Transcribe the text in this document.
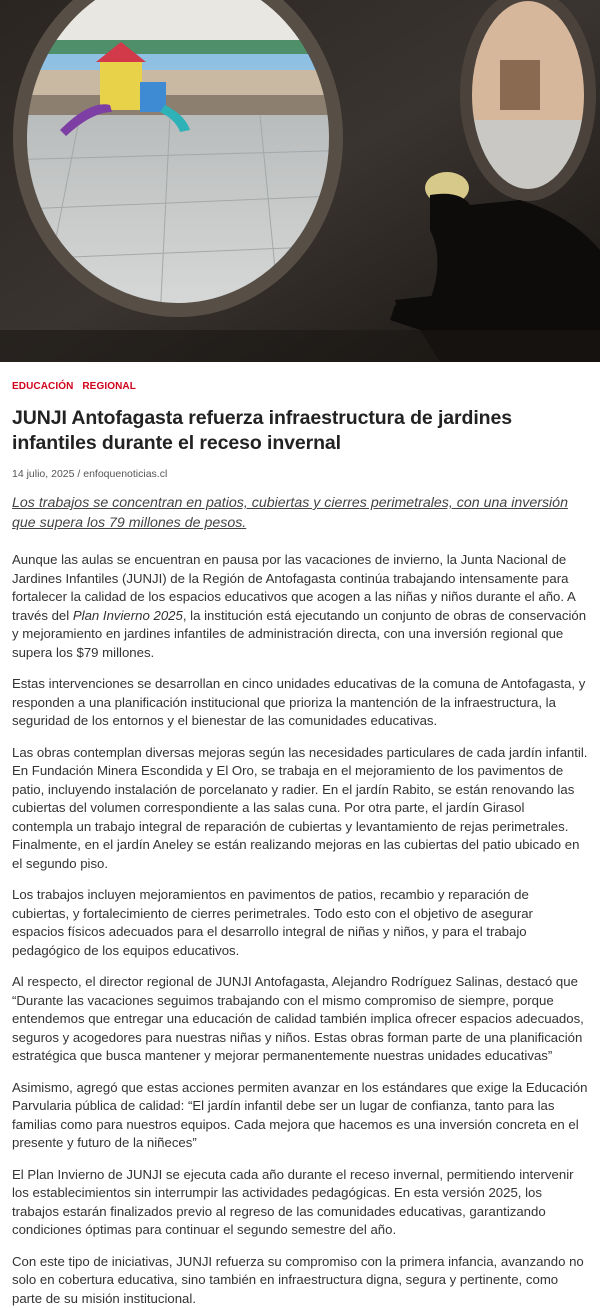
EDUCACIÓN REGIONAL
JUNJI Antofagasta refuerza infraestructura de jardines infantiles durante el receso invernal
14 julio, 2025 / enfoquenoticias.cl

Los trabajos se concentran en patios, cubiertas y cierres perimetrales, con una inversión que supera los 79 millones de pesos.

Aunque las aulas se encuentran en pausa por las vacaciones de invierno, la Junta Nacional de Jardines Infantiles (JUNJI) de la Región de Antofagasta continúa trabajando intensamente para fortalecer la calidad de los espacios educativos que acogen a las niñas y niños durante el año. A través del Plan Invierno 2025, la institución está ejecutando un conjunto de obras de conservación y mejoramiento en jardines infantiles de administración directa, con una inversión regional que supera los $79 millones.

Estas intervenciones se desarrollan en cinco unidades educativas de la comuna de Antofagasta, y responden a una planificación institucional que prioriza la mantención de la infraestructura, la seguridad de los entornos y el bienestar de las comunidades educativas.

Las obras contemplan diversas mejoras según las necesidades particulares de cada jardín infantil. En Fundación Minera Escondida y El Oro, se trabaja en el mejoramiento de los pavimentos de patio, incluyendo instalación de porcelanato y radier. En el jardín Rabito, se están renovando las cubiertas del volumen correspondiente a las salas cuna. Por otra parte, el jardín Girasol contempla un trabajo integral de reparación de cubiertas y levantamiento de rejas perimetrales. Finalmente, en el jardín Aneley se están realizando mejoras en las cubiertas del patio ubicado en el segundo piso.

Los trabajos incluyen mejoramientos en pavimentos de patios, recambio y reparación de cubiertas, y fortalecimiento de cierres perimetrales. Todo esto con el objetivo de asegurar espacios físicos adecuados para el desarrollo integral de niñas y niños, y para el trabajo pedagógico de los equipos educativos.

Al respecto, el director regional de JUNJI Antofagasta, Alejandro Rodríguez Salinas, destacó que “Durante las vacaciones seguimos trabajando con el mismo compromiso de siempre, porque entendemos que entregar una educación de calidad también implica ofrecer espacios adecuados, seguros y acogedores para nuestras niñas y niños. Estas obras forman parte de una planificación estratégica que busca mantener y mejorar permanentemente nuestras unidades educativas”

Asimismo, agregó que estas acciones permiten avanzar en los estándares que exige la Educación Parvularia pública de calidad: “El jardín infantil debe ser un lugar de confianza, tanto para las familias como para nuestros equipos. Cada mejora que hacemos es una inversión concreta en el presente y futuro de la niñeces”

El Plan Invierno de JUNJI se ejecuta cada año durante el receso invernal, permitiendo intervenir los establecimientos sin interrumpir las actividades pedagógicas. En esta versión 2025, los trabajos estarán finalizados previo al regreso de las comunidades educativas, garantizando condiciones óptimas para continuar el segundo semestre del año.

Con este tipo de iniciativas, JUNJI refuerza su compromiso con la primera infancia, avanzando no solo en cobertura educativa, sino también en infraestructura digna, segura y pertinente, como parte de su misión institucional.
